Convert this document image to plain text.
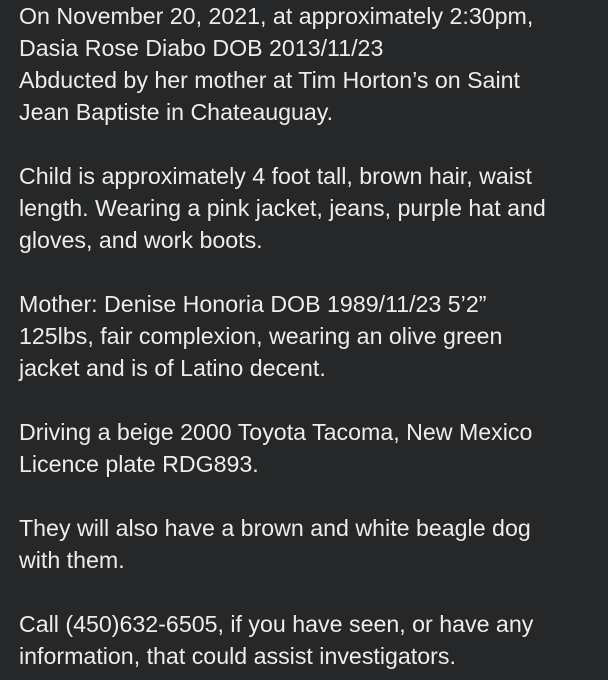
On November 20, 2021, at approximately 2:30pm,
Dasia Rose Diabo DOB 2013/11/23
Abducted by her mother at Tim Horton’s on Saint
Jean Baptiste in Chateauguay.
Child is approximately 4 foot tall, brown hair, waist
length. Wearing a pink jacket, jeans, purple hat and
gloves, and work boots.
Mother: Denise Honoria DOB 1989/11/23 5’2”
125lbs, fair complexion, wearing an olive green
jacket and is of Latino decent.
Driving a beige 2000 Toyota Tacoma, New Mexico
Licence plate RDG893.
They will also have a brown and white beagle dog
with them.
Call (450)632-6505, if you have seen, or have any
information, that could assist investigators.
